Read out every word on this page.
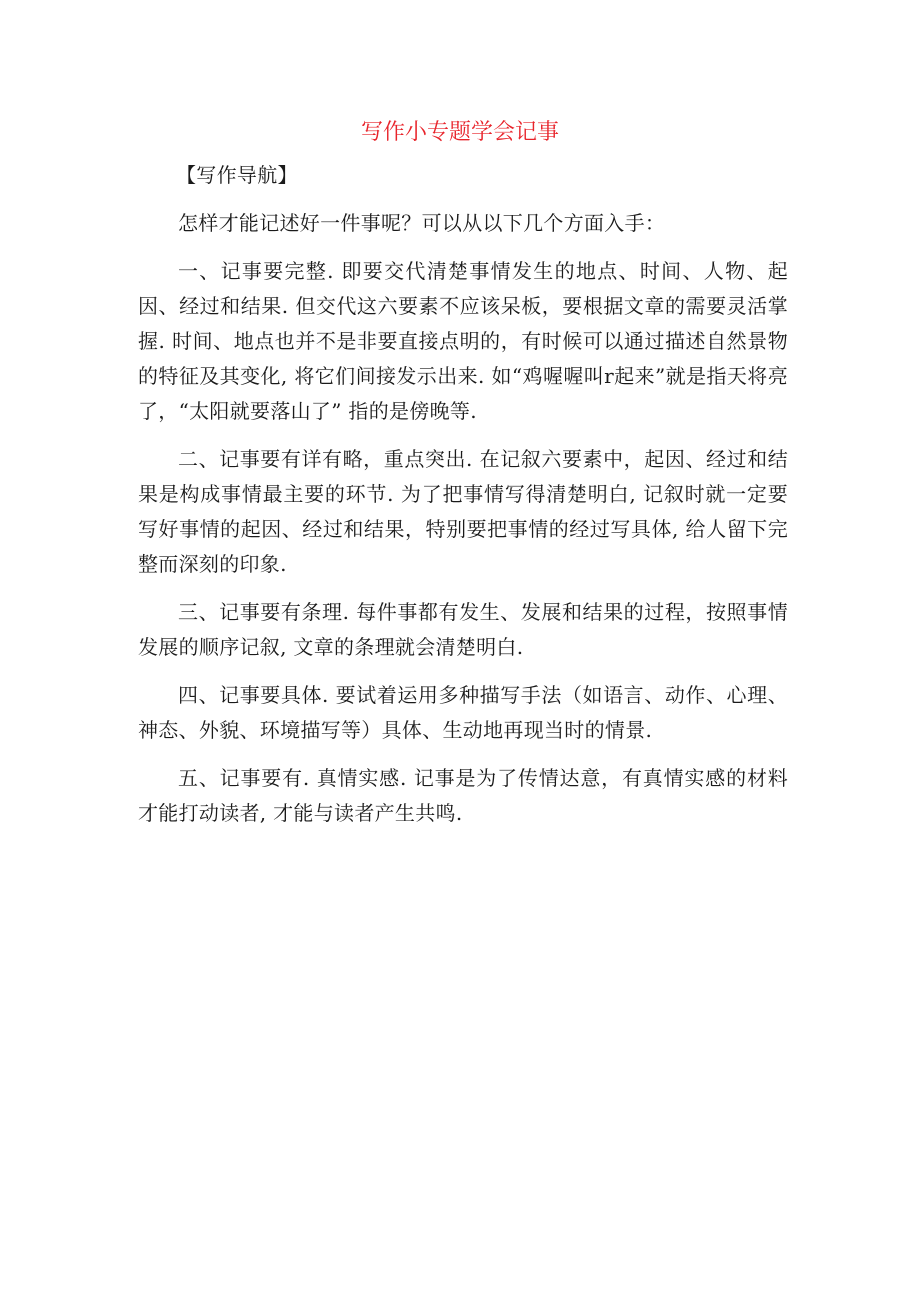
写作小专题学会记事

【写作导航】

怎样才能记述好一件事呢？可以从以下几个方面入手：

一、记事要完整. 即要交代清楚事情发生的地点、时间、人物、起因、经过和结果. 但交代这六要素不应该呆板，要根据文章的需要灵活掌握. 时间、地点也并不是非要直接点明的，有时候可以通过描述自然景物的特征及其变化, 将它们间接发示出来. 如“鸡喔喔叫r起来”就是指天将亮了，“太阳就要落山了” 指的是傍晚等.

二、记事要有详有略，重点突出. 在记叙六要素中，起因、经过和结果是构成事情最主要的环节. 为了把事情写得清楚明白, 记叙时就一定要写好事情的起因、经过和结果，特别要把事情的经过写具体, 给人留下完整而深刻的印象.

三、记事要有条理. 每件事都有发生、发展和结果的过程，按照事情发展的顺序记叙, 文章的条理就会清楚明白.

四、记事要具体. 要试着运用多种描写手法（如语言、动作、心理、神态、外貌、环境描写等）具体、生动地再现当时的情景.

五、记事要有. 真情实感. 记事是为了传情达意，有真情实感的材料才能打动读者, 才能与读者产生共鸣.
